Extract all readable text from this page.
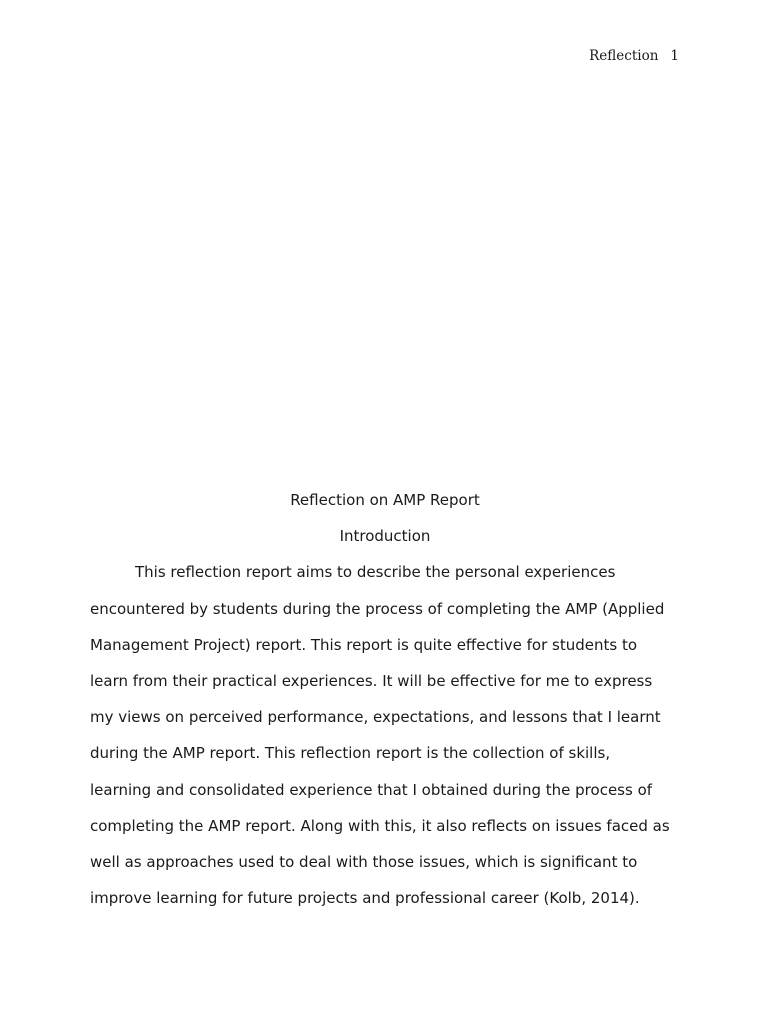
Reflection 1

Reflection on AMP Report

Introduction

This reflection report aims to describe the personal experiences
encountered by students during the process of completing the AMP (Applied
Management Project) report. This report is quite effective for students to
learn from their practical experiences. It will be effective for me to express
my views on perceived performance, expectations, and lessons that I learnt
during the AMP report. This reflection report is the collection of skills,
learning and consolidated experience that I obtained during the process of
completing the AMP report. Along with this, it also reflects on issues faced as
well as approaches used to deal with those issues, which is significant to
improve learning for future projects and professional career (Kolb, 2014).
